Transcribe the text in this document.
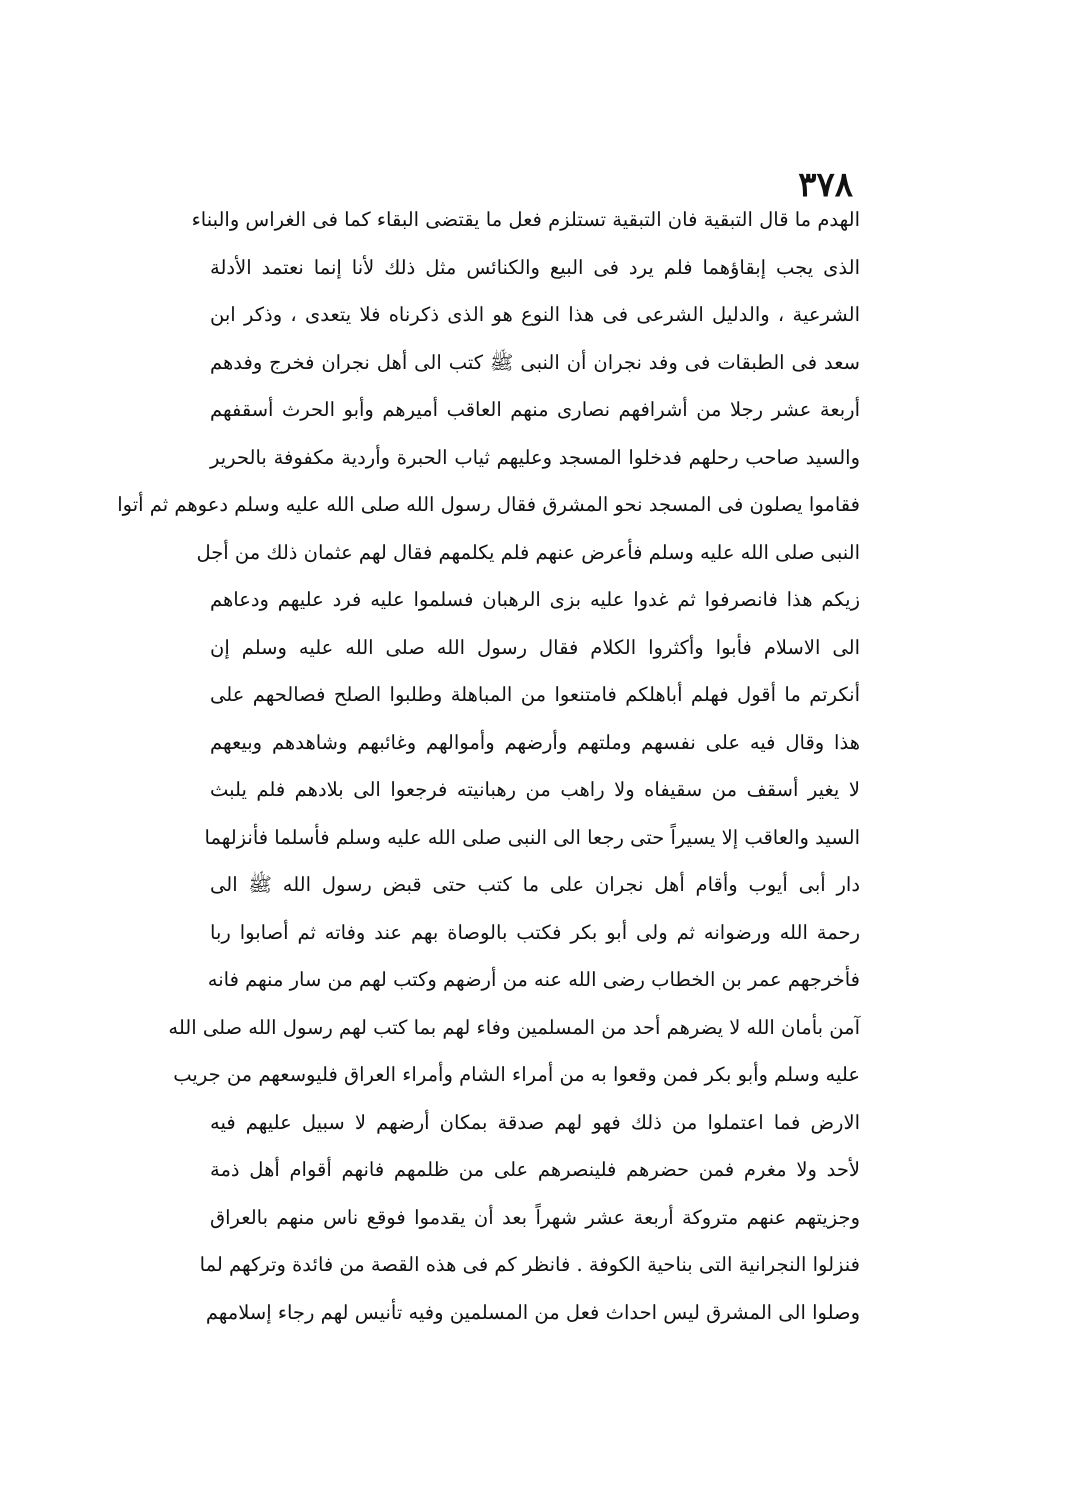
٣٧٨
الهدم ما قال التبقية فان التبقية تستلزم فعل ما يقتضى البقاء كما فى الغراس والبناء
الذى يجب إبقاؤهما فلم يرد فى البيع والكنائس مثل ذلك لأنا إنما نعتمد الأدلة
الشرعية ، والدليل الشرعى فى هذا النوع هو الذى ذكرناه فلا يتعدى ، وذكر ابن
سعد فى الطبقات فى وفد نجران أن النبى ﷺ كتب الى أهل نجران فخرج وفدهم
أربعة عشر رجلا من أشرافهم نصارى منهم العاقب أميرهم وأبو الحرث أسقفهم
والسيد صاحب رحلهم فدخلوا المسجد وعليهم ثياب الحبرة وأردية مكفوفة بالحرير
فقاموا يصلون فى المسجد نحو المشرق فقال رسول الله صلى الله عليه وسلم دعوهم ثم أتوا
النبى صلى الله عليه وسلم فأعرض عنهم فلم يكلمهم فقال لهم عثمان ذلك من أجل
زيكم هذا فانصرفوا ثم غدوا عليه بزى الرهبان فسلموا عليه فرد عليهم ودعاهم
الى الاسلام فأبوا وأكثروا الكلام فقال رسول الله صلى الله عليه وسلم إن
أنكرتم ما أقول فهلم أباهلكم فامتنعوا من المباهلة وطلبوا الصلح فصالحهم على
هذا وقال فيه على نفسهم وملتهم وأرضهم وأموالهم وغائبهم وشاهدهم وبيعهم
لا يغير أسقف من سقيفاه ولا راهب من رهبانيته فرجعوا الى بلادهم فلم يلبث
السيد والعاقب إلا يسيراً حتى رجعا الى النبى صلى الله عليه وسلم فأسلما فأنزلهما
دار أبى أيوب وأقام أهل نجران على ما كتب حتى قبض رسول الله ﷺ الى
رحمة الله ورضوانه ثم ولى أبو بكر فكتب بالوصاة بهم عند وفاته ثم أصابوا ربا
فأخرجهم عمر بن الخطاب رضى الله عنه من أرضهم وكتب لهم من سار منهم فانه
آمن بأمان الله لا يضرهم أحد من المسلمين وفاء لهم بما كتب لهم رسول الله صلى الله
عليه وسلم وأبو بكر فمن وقعوا به من أمراء الشام وأمراء العراق فليوسعهم من جريب
الارض فما اعتملوا من ذلك فهو لهم صدقة بمكان أرضهم لا سبيل عليهم فيه
لأحد ولا مغرم فمن حضرهم فلينصرهم على من ظلمهم فانهم أقوام أهل ذمة
وجزيتهم عنهم متروكة أربعة عشر شهراً بعد أن يقدموا فوقع ناس منهم بالعراق
فنزلوا النجرانية التى بناحية الكوفة . فانظر كم فى هذه القصة من فائدة وتركهم لما
وصلوا الى المشرق ليس احداث فعل من المسلمين وفيه تأنيس لهم رجاء إسلامهم
